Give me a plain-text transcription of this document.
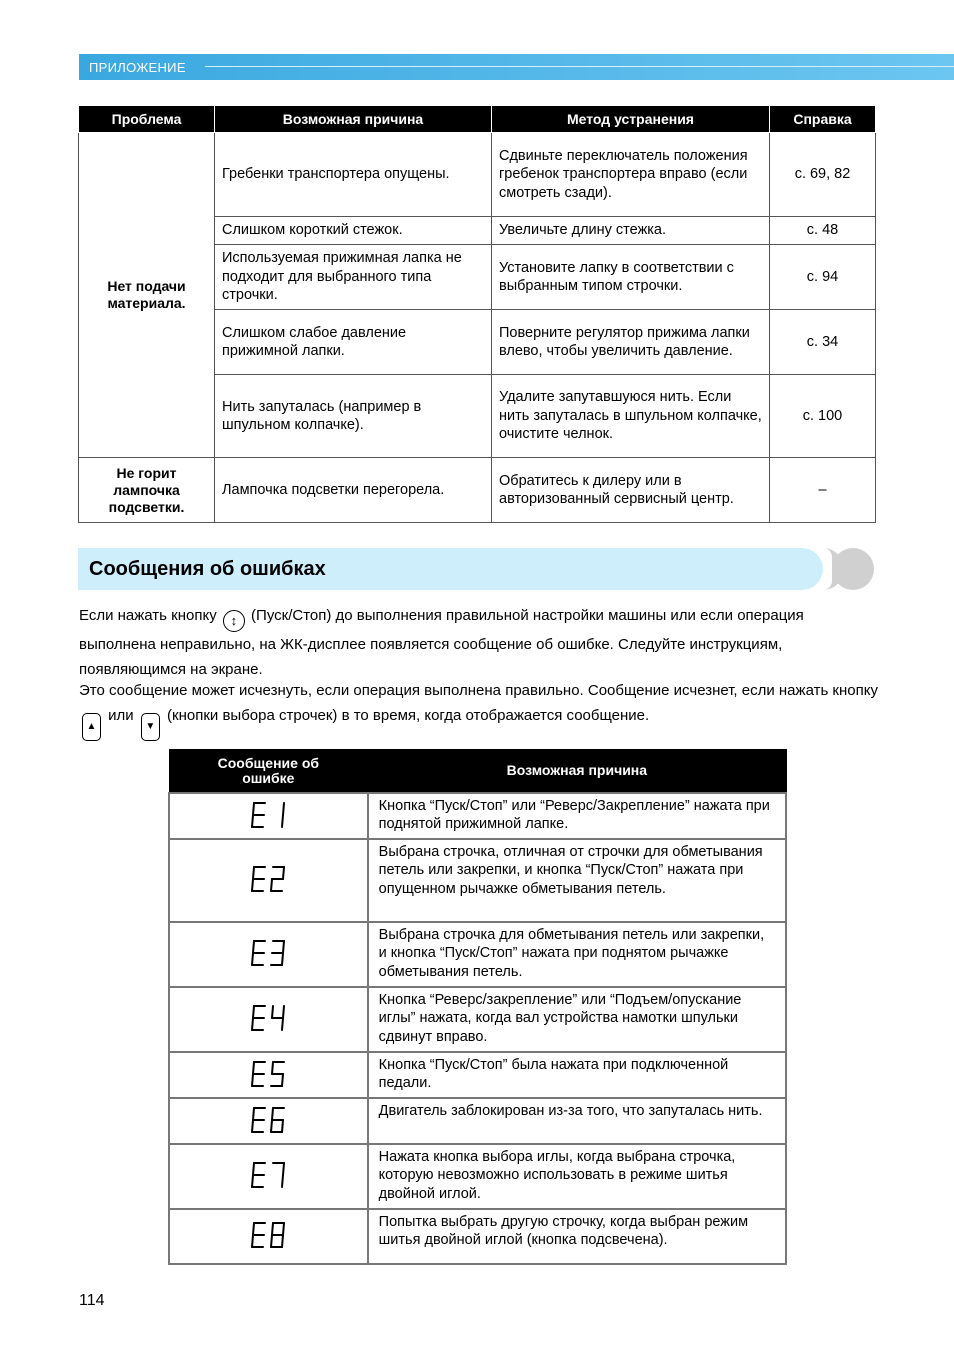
ПРИЛОЖЕНИЕ
Проблема	Возможная причина	Метод устранения	Справка
Нет подачи материала.	Гребенки транспортера опущены.	Сдвиньте переключатель положения гребенок транспортера вправо (если смотреть сзади).	с. 69, 82
	Слишком короткий стежок.	Увеличьте длину стежка.	с. 48
	Используемая прижимная лапка не подходит для выбранного типа строчки.	Установите лапку в соответствии с выбранным типом строчки.	с. 94
	Слишком слабое давление прижимной лапки.	Поверните регулятор прижима лапки влево, чтобы увеличить давление.	с. 34
	Нить запуталась (например в шпульном колпачке).	Удалите запутавшуюся нить. Если нить запуталась в шпульном колпачке, очистите челнок.	с. 100
Не горит лампочка подсветки.	Лампочка подсветки перегорела.	Обратитесь к дилеру или в авторизованный сервисный центр.	–
Сообщения об ошибках
Если нажать кнопку ↕ (Пуск/Стоп) до выполнения правильной настройки машины или если операция выполнена неправильно, на ЖК-дисплее появляется сообщение об ошибке. Следуйте инструкциям, появляющимся на экране.
Это сообщение может исчезнуть, если операция выполнена правильно. Сообщение исчезнет, если нажать кнопку ▲ или ▼ (кнопки выбора строчек) в то время, когда отображается сообщение.
Сообщение об ошибке	Возможная причина

	Кнопка “Пуск/Стоп” или “Реверс/Закрепление” нажата при поднятой прижимной лапке.

	Выбрана строчка, отличная от строчки для обметывания петель или закрепки, и кнопка “Пуск/Стоп” нажата при опущенном рычажке обметывания петель.

	Выбрана строчка для обметывания петель или закрепки, и кнопка “Пуск/Стоп” нажата при поднятом рычажке обметывания петель.

	Кнопка “Реверс/закрепление” или “Подъем/опускание иглы” нажата, когда вал устройства намотки шпульки сдвинут вправо.

	Кнопка “Пуск/Стоп” была нажата при подключенной педали.

	Двигатель заблокирован из-за того, что запуталась нить.

	Нажата кнопка выбора иглы, когда выбрана строчка, которую невозможно использовать в режиме шитья двойной иглой.

	Попытка выбрать другую строчку, когда выбран режим шитья двойной иглой (кнопка подсвечена).
114
